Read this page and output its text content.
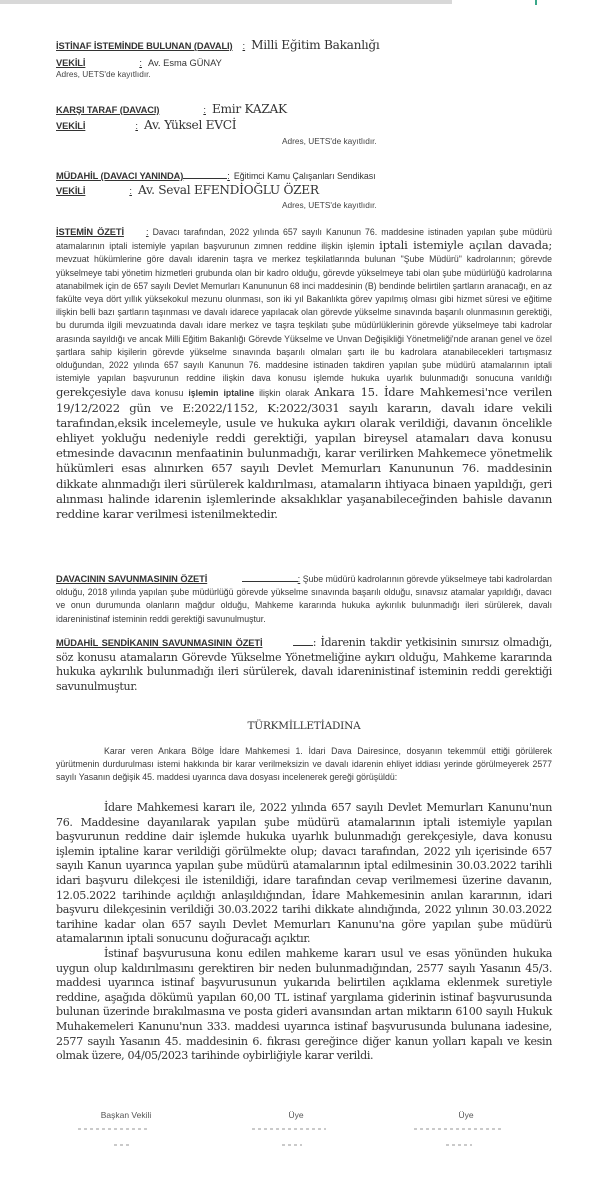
İSTİNAF İSTEMİNDE BULUNAN (DAVALI) : Milli Eğitim Bakanlığı
VEKİLİ	: Av. Esma GÜNAY
Adres, UETS'de kayıtlıdır.
KARŞI TARAF (DAVACI)	: Emir KAZAK
VEKİLİ	: Av. Yüksel EVCİ
Adres, UETS'de kayıtlıdır.
MÜDAHİL (DAVACI YANINDA)	: Eğitimci Kamu Çalışanları Sendikası
VEKİLİ	: Av. Seval EFENDİOĞLU ÖZER
Adres, UETS'de kayıtlıdır.

İSTEMİN ÖZETİ : Davacı tarafından, 2022 yılında 657 sayılı Kanunun 76. maddesine istinaden yapılan şube müdürü atamalarının iptali istemiyle yapılan başvurunun zımnen reddine ilişkin işlemin iptali istemiyle açılan davada; mevzuat hükümlerine göre davalı idarenin taşra ve merkez teşkilatlarında bulunan "Şube Müdürü" kadrolarının; görevde yükselmeye tabi yönetim hizmetleri grubunda olan bir kadro olduğu, görevde yükselmeye tabi olan şube müdürlüğü kadrolarına atanabilmek için de 657 sayılı Devlet Memurları Kanununun 68 inci maddesinin (B) bendinde belirtilen şartların aranacağı, en az fakülte veya dört yıllık yüksekokul mezunu olunması, son iki yıl Bakanlıkta görev yapılmış olması gibi hizmet süresi ve eğitime ilişkin belli bazı şartların taşınması ve davalı idarece yapılacak olan görevde yükselme sınavında başarılı olunmasının gerektiği, bu durumda ilgili mevzuatında davalı idare merkez ve taşra teşkilatı şube müdürlüklerinin görevde yükselmeye tabi kadrolar arasında sayıldığı ve ancak Milli Eğitim Bakanlığı Görevde Yükselme ve Unvan Değişikliği Yönetmeliği'nde aranan genel ve özel şartlara sahip kişilerin görevde yükselme sınavında başarılı olmaları şartı ile bu kadrolara atanabilecekleri tartışmasız olduğundan, 2022 yılında 657 sayılı Kanunun 76. maddesine istinaden takdiren yapılan şube müdürü atamalarının iptali istemiyle yapılan başvurunun reddine ilişkin dava konusu işlemde hukuka uyarlık bulunmadığı sonucuna varıldığı gerekçesiyle dava konusu işlemin iptaline ilişkin olarak Ankara 15. İdare Mahkemesi'nce verilen 19/12/2022 gün ve E:2022/1152, K:2022/3031 sayılı kararın, davalı idare vekili tarafından,eksik incelemeyle, usule ve hukuka aykırı olarak verildiği, davanın öncelikle ehliyet yokluğu nedeniyle reddi gerektiği, yapılan bireysel atamaları dava konusu etmesinde davacının menfaatinin bulunmadığı, karar verilirken Mahkemece yönetmelik hükümleri esas alınırken 657 sayılı Devlet Memurları Kanununun 76. maddesinin dikkate alınmadığı ileri sürülerek kaldırılması, atamaların ihtiyaca binaen yapıldığı, geri alınması halinde idarenin işlemlerinde aksaklıklar yaşanabileceğinden bahisle davanın reddine karar verilmesi istenilmektedir.

DAVACININ SAVUNMASININ ÖZETİ	: Şube müdürü kadrolarının görevde yükselmeye tabi kadrolardan olduğu, 2018 yılında yapılan şube müdürlüğü görevde yükselme sınavında başarılı olduğu, sınavsız atamalar yapıldığı, davacı ve onun durumunda olanların mağdur olduğu, Mahkeme kararında hukuka aykırılık bulunmadığı ileri sürülerek, davalı idareninistinaf isteminin reddi gerektiği savunulmuştur.

MÜDAHİL SENDİKANIN SAVUNMASININ ÖZETİ	: İdarenin takdir yetkisinin sınırsız olmadığı, söz konusu atamaların Görevde Yükselme Yönetmeliğine aykırı olduğu, Mahkeme kararında hukuka aykırılık bulunmadığı ileri sürülerek, davalı idareninistinaf isteminin reddi gerektiği savunulmuştur.

TÜRKMİLLETİADINA

Karar veren Ankara Bölge İdare Mahkemesi 1. İdari Dava Dairesince, dosyanın tekemmül ettiği görülerek yürütmenin durdurulması istemi hakkında bir karar verilmeksizin ve davalı idarenin ehliyet iddiası yerinde görülmeyerek 2577 sayılı Yasanın değişik 45. maddesi uyarınca dava dosyası incelenerek gereği görüşüldü:

İdare Mahkemesi kararı ile, 2022 yılında 657 sayılı Devlet Memurları Kanunu'nun 76. Maddesine dayanılarak yapılan şube müdürü atamalarının iptali istemiyle yapılan başvurunun reddine dair işlemde hukuka uyarlık bulunmadığı gerekçesiyle, dava konusu işlemin iptaline karar verildiği görülmekte olup; davacı tarafından, 2022 yılı içerisinde 657 sayılı Kanun uyarınca yapılan şube müdürü atamalarının iptal edilmesinin 30.03.2022 tarihli idari başvuru dilekçesi ile istenildiği, idare tarafından cevap verilmemesi üzerine davanın, 12.05.2022 tarihinde açıldığı anlaşıldığından, İdare Mahkemesinin anılan kararının, idari başvuru dilekçesinin verildiği 30.03.2022 tarihi dikkate alındığında, 2022 yılının 30.03.2022 tarihine kadar olan 657 sayılı Devlet Memurları Kanunu'na göre yapılan şube müdürü atamalarının iptali sonucunu doğuracağı açıktır.

İstinaf başvurusuna konu edilen mahkeme kararı usul ve esas yönünden hukuka uygun olup kaldırılmasını gerektiren bir neden bulunmadığından, 2577 sayılı Yasanın 45/3. maddesi uyarınca istinaf başvurusunun yukarıda belirtilen açıklama eklenmek suretiyle reddine, aşağıda dökümü yapılan 60,00 TL istinaf yargılama giderinin istinaf başvurusunda bulunan üzerinde bırakılmasına ve posta gideri avansından artan miktarın 6100 sayılı Hukuk Muhakemeleri Kanunu'nun 333. maddesi uyarınca istinaf başvurusunda bulunana iadesine, 2577 sayılı Yasanın 45. maddesinin 6. fıkrası gereğince diğer kanun yolları kapalı ve kesin olmak üzere, 04/05/2023 tarihinde oybirliğiyle karar verildi.

Başkan Vekili	Üye	Üye
